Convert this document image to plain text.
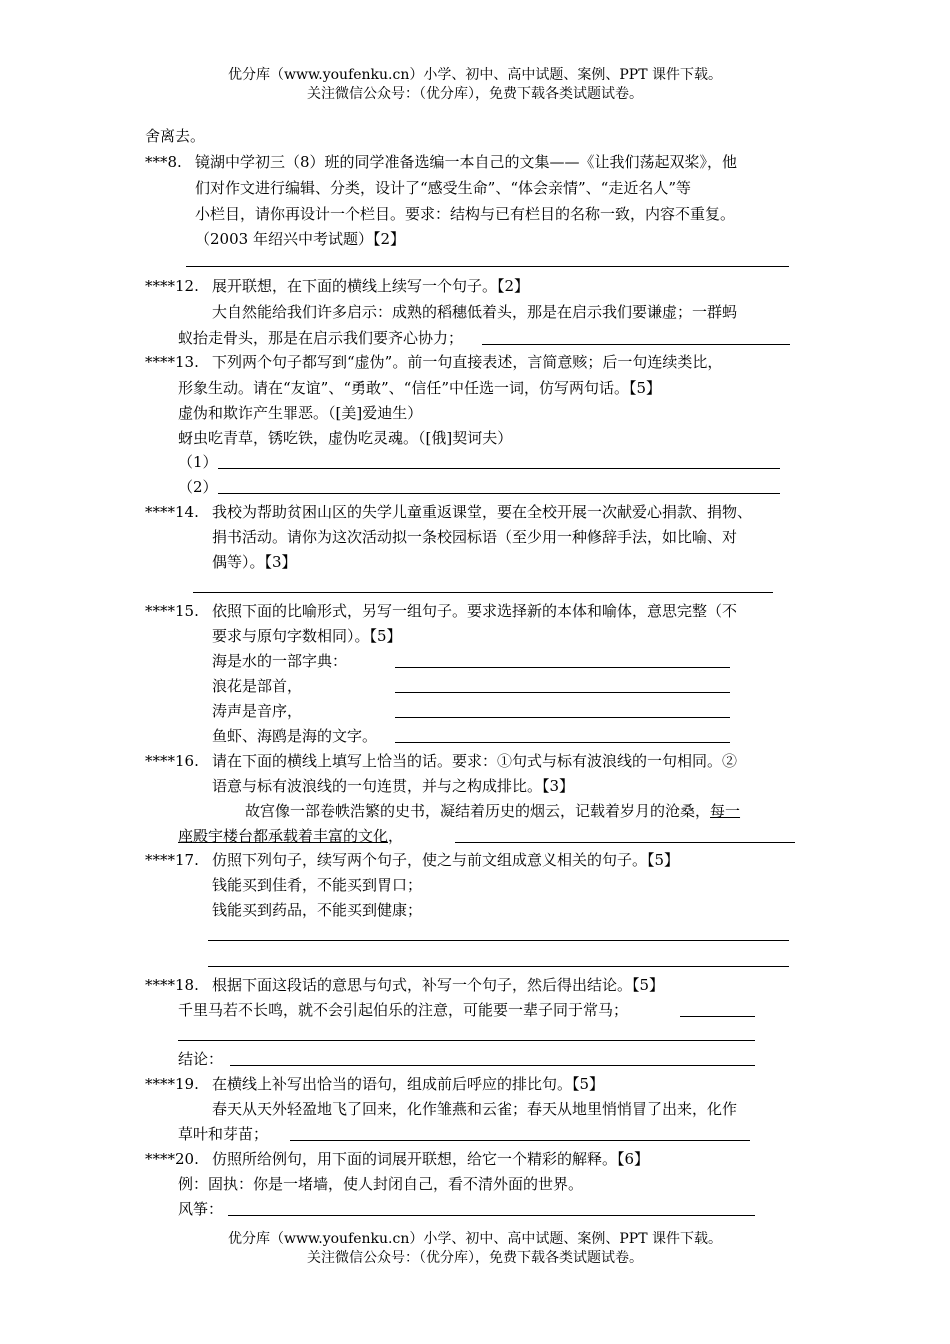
优分库（www.youfenku.cn）小学、初中、高中试题、案例、PPT 课件下载。
关注微信公众号：（优分库），免费下载各类试题试卷。
舍离去。
***8. 镜湖中学初三（8）班的同学准备选编一本自己的文集——《让我们荡起双桨》，他
们对作文进行编辑、分类，设计了“感受生命”、“体会亲情”、“走近名人”等
小栏目，请你再设计一个栏目。要求：结构与已有栏目的名称一致，内容不重复。
（2003 年绍兴中考试题）【2】
****12. 展开联想，在下面的横线上续写一个句子。【2】
大自然能给我们许多启示：成熟的稻穗低着头，那是在启示我们要谦虚；一群蚂
蚁抬走骨头，那是在启示我们要齐心协力；
****13. 下列两个句子都写到“虚伪”。前一句直接表述，言简意赅；后一句连续类比，
形象生动。请在“友谊”、“勇敢”、“信任”中任选一词，仿写两句话。【5】
虚伪和欺诈产生罪恶。（[美]爱迪生）
蚜虫吃青草，锈吃铁，虚伪吃灵魂。（[俄]契诃夫）
（1）
（2）
****14. 我校为帮助贫困山区的失学儿童重返课堂，要在全校开展一次献爱心捐款、捐物、
捐书活动。请你为这次活动拟一条校园标语（至少用一种修辞手法，如比喻、对
偶等）。【3】
****15. 依照下面的比喻形式，另写一组句子。要求选择新的本体和喻体，意思完整（不
要求与原句字数相同）。【5】
海是水的一部字典：
浪花是部首，
涛声是音序，
鱼虾、海鸥是海的文字。
****16. 请在下面的横线上填写上恰当的话。要求：①句式与标有波浪线的一句相同。②
语意与标有波浪线的一句连贯，并与之构成排比。【3】
故宫像一部卷帙浩繁的史书，凝结着历史的烟云，记载着岁月的沧桑，每一
座殿宇楼台都承载着丰富的文化，
****17. 仿照下列句子，续写两个句子，使之与前文组成意义相关的句子。【5】
钱能买到佳肴，不能买到胃口；
钱能买到药品，不能买到健康；
****18. 根据下面这段话的意思与句式，补写一个句子，然后得出结论。【5】
千里马若不长鸣，就不会引起伯乐的注意，可能要一辈子同于常马；
结论：
****19. 在横线上补写出恰当的语句，组成前后呼应的排比句。【5】
春天从天外轻盈地飞了回来，化作雏燕和云雀；春天从地里悄悄冒了出来，化作
草叶和芽苗；
****20. 仿照所给例句，用下面的词展开联想，给它一个精彩的解释。【6】
例：固执：你是一堵墙，使人封闭自己，看不清外面的世界。
风筝：
优分库（www.youfenku.cn）小学、初中、高中试题、案例、PPT 课件下载。
关注微信公众号：（优分库），免费下载各类试题试卷。
